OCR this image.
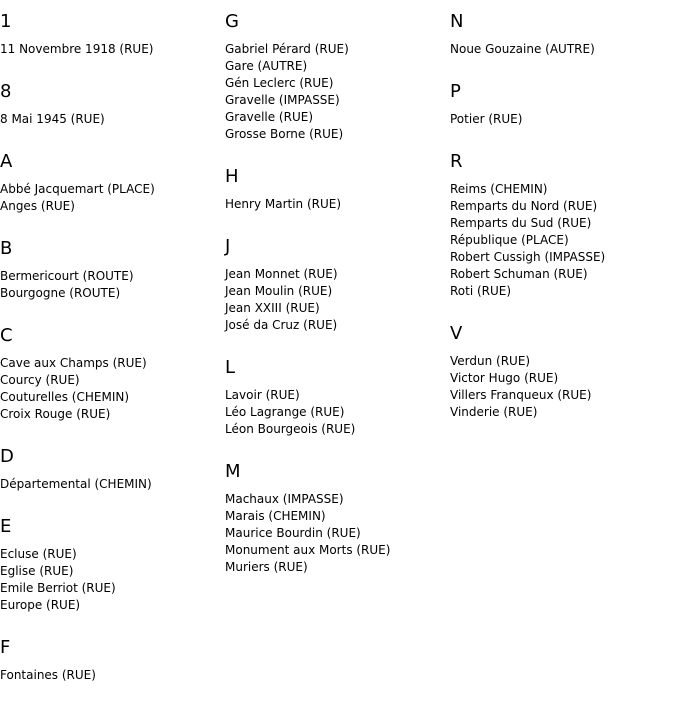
1
11 Novembre 1918 (RUE)
8
8 Mai 1945 (RUE)
A
Abbé Jacquemart (PLACE)
Anges (RUE)
B
Bermericourt (ROUTE)
Bourgogne (ROUTE)
C
Cave aux Champs (RUE)
Courcy (RUE)
Couturelles (CHEMIN)
Croix Rouge (RUE)
D
Départemental (CHEMIN)
E
Ecluse (RUE)
Eglise (RUE)
Emile Berriot (RUE)
Europe (RUE)
F
Fontaines (RUE)
G
Gabriel Pérard (RUE)
Gare (AUTRE)
Gén Leclerc (RUE)
Gravelle (IMPASSE)
Gravelle (RUE)
Grosse Borne (RUE)
H
Henry Martin (RUE)
J
Jean Monnet (RUE)
Jean Moulin (RUE)
Jean XXIII (RUE)
José da Cruz (RUE)
L
Lavoir (RUE)
Léo Lagrange (RUE)
Léon Bourgeois (RUE)
M
Machaux (IMPASSE)
Marais (CHEMIN)
Maurice Bourdin (RUE)
Monument aux Morts (RUE)
Muriers (RUE)
N
Noue Gouzaine (AUTRE)
P
Potier (RUE)
R
Reims (CHEMIN)
Remparts du Nord (RUE)
Remparts du Sud (RUE)
République (PLACE)
Robert Cussigh (IMPASSE)
Robert Schuman (RUE)
Roti (RUE)
V
Verdun (RUE)
Victor Hugo (RUE)
Villers Franqueux (RUE)
Vinderie (RUE)
